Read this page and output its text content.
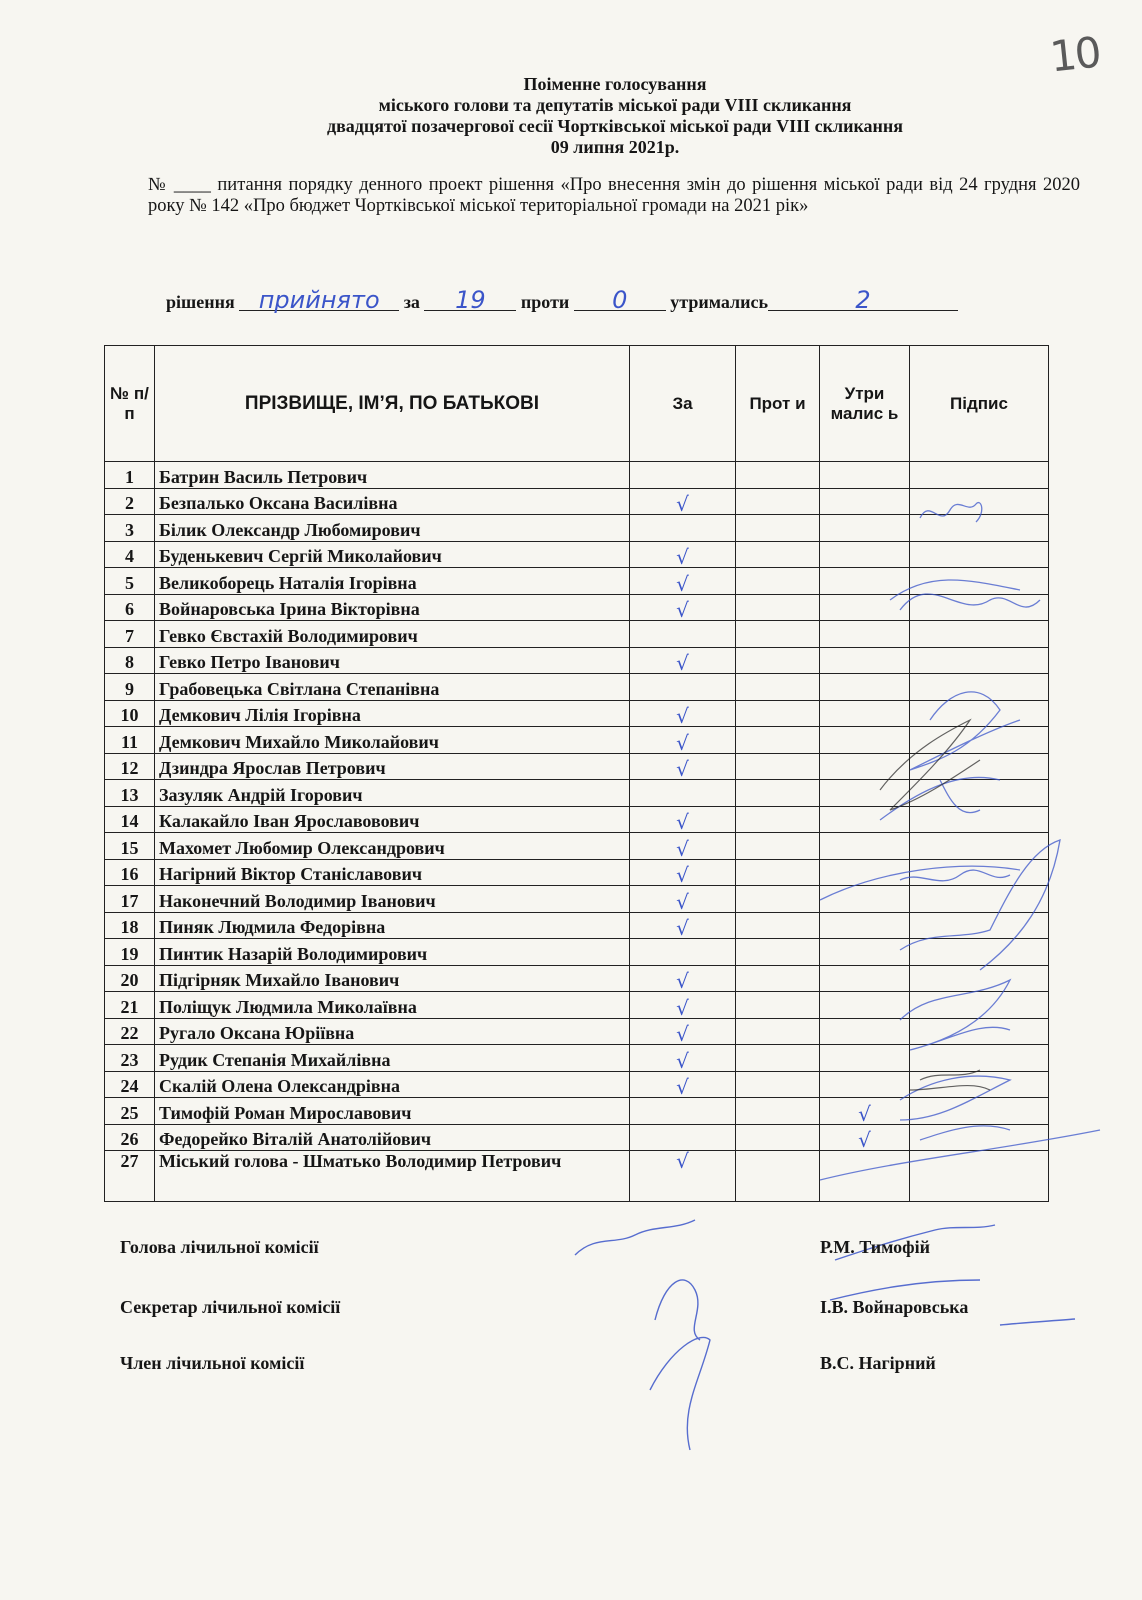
10
Поіменне голосування
міського голови та депутатів міської ради VIII скликання
двадцятої позачергової сесії Чортківської міської ради VIII скликання
09 липня 2021р.
№ ____ питання порядку денного проект рішення «Про внесення змін до рішення міської ради від 24 грудня 2020 року № 142 «Про бюджет Чортківської міської територіальної громади на 2021 рік»
рішення прийнято за 19 проти 0 утримались	2
№ п/п	ПРІЗВИЩЕ, ІМ’Я, ПО БАТЬКОВІ	За	Прот и	Утри малис ь	Підпис
1	Батрин Василь Петрович				
2	Безпалько Оксана Василівна	√			
3	Білик Олександр Любомирович				
4	Буденькевич Сергій Миколайович	√			
5	Великоборець Наталія Ігорівна	√			
6	Войнаровська Ірина Вікторівна	√			
7	Гевко Євстахій Володимирович				
8	Гевко Петро Іванович	√			
9	Грабовецька Світлана Степанівна				
10	Демкович Лілія Ігорівна	√			
11	Демкович Михайло Миколайович	√			
12	Дзиндра Ярослав Петрович	√			
13	Зазуляк Андрій Ігорович				
14	Калакайло Іван Ярославовович	√			
15	Махомет Любомир Олександрович	√			
16	Нагірний Віктор Станіславович	√			
17	Наконечний Володимир Іванович	√			
18	Пиняк Людмила Федорівна	√			
19	Пинтик Назарій Володимирович				
20	Підгірняк Михайло Іванович	√			
21	Поліщук Людмила Миколаївна	√			
22	Ругало Оксана Юріївна	√			
23	Рудик Степанія Михайлівна	√			
24	Скалій Олена Олександрівна	√			
25	Тимофій Роман Мирославович			√	
26	Федорейко Віталій Анатолійович			√	
27	Міський голова - Шматько Володимир Петрович	√			
Голова лічильної комісії	Р.М. Тимофій
Секретар лічильної комісії	І.В. Войнаровська
Член лічильної комісії	В.С. Нагірний
